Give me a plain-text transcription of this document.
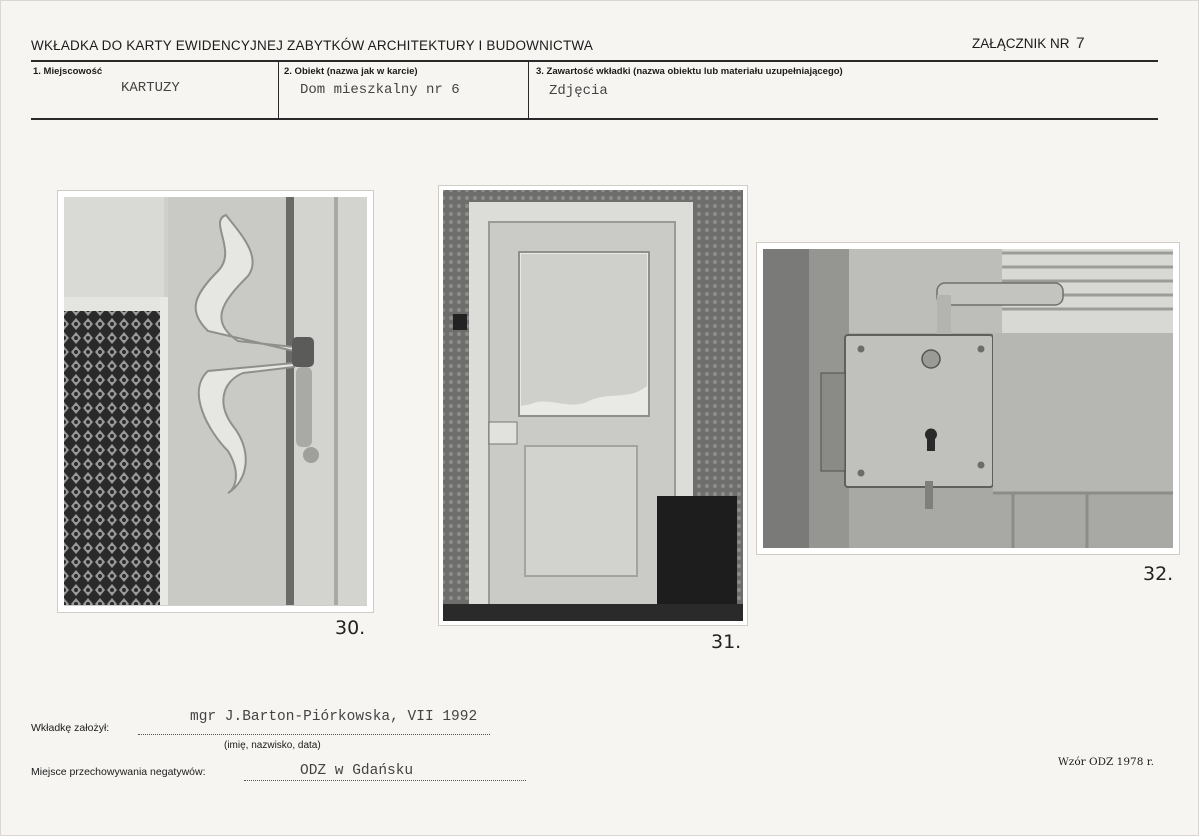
WKŁADKA DO KARTY EWIDENCYJNEJ ZABYTKÓW ARCHITEKTURY I BUDOWNICTWA	ZAŁĄCZNIK NR 7
1. Miejscowość
KARTUZY
2. Obiekt (nazwa jak w karcie)
Dom mieszkalny nr 6
3. Zawartość wkładki (nazwa obiektu lub materiału uzupełniającego)
Zdjęcia
30.
31.
32.
Wkładkę założył:
mgr J.Barton-Piórkowska, VII 1992
(imię, nazwisko, data)
Miejsce przechowywania negatywów:	ODZ w Gdańsku
Wzór ODZ 1978 r.
